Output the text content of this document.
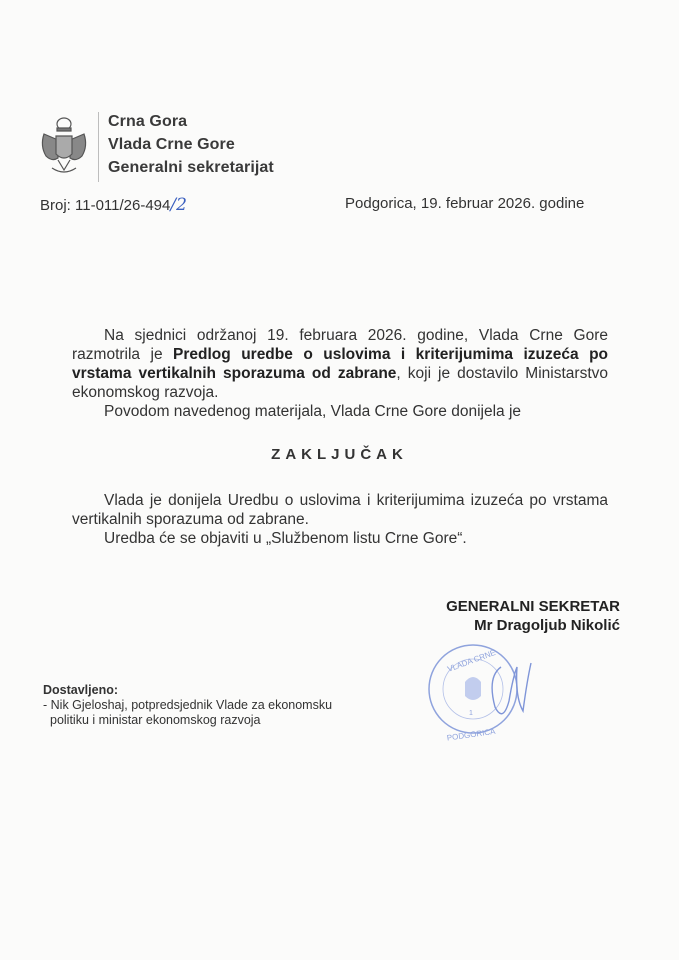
Crna Gora
Vlada Crne Gore
Generalni sekretarijat
Broj: 11-011/26-494/2	Podgorica, 19. februar 2026. godine
Na sjednici održanoj 19. februara 2026. godine, Vlada Crne Gore razmotrila je Predlog uredbe o uslovima i kriterijumima izuzeća po vrstama vertikalnih sporazuma od zabrane, koji je dostavilo Ministarstvo ekonomskog razvoja.
Povodom navedenog materijala, Vlada Crne Gore donijela je
ZAKLJUČAK
Vlada je donijela Uredbu o uslovima i kriterijumima izuzeća po vrstama vertikalnih sporazuma od zabrane.
Uredba će se objaviti u „Službenom listu Crne Gore“.
GENERALNI SEKRETAR
Mr Dragoljub Nikolić
1
PODGORICA
VLADA CRNE
Dostavljeno:
- Nik Gjeloshaj, potpredsjednik Vlade za ekonomsku
politiku i ministar ekonomskog razvoja
